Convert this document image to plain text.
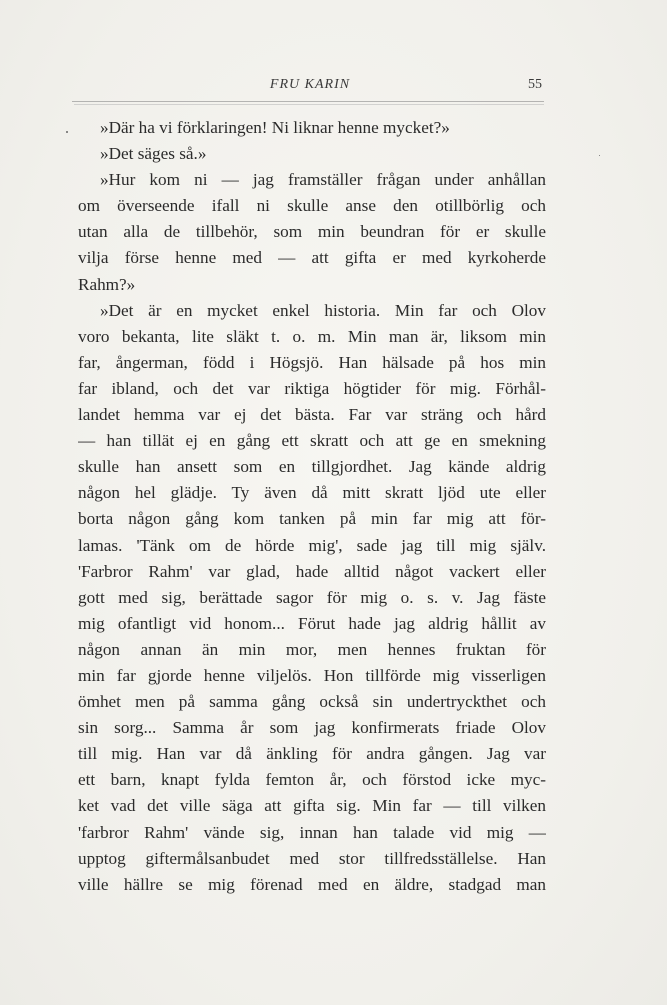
FRU KARIN	55
»Där ha vi förklaringen! Ni liknar henne mycket?»
»Det säges så.»
»Hur kom ni — jag framställer frågan under anhållan
om överseende ifall ni skulle anse den otillbörlig och
utan alla de tillbehör, som min beundran för er skulle
vilja förse henne med — att gifta er med kyrkoherde
Rahm?»
»Det är en mycket enkel historia. Min far och Olov
voro bekanta, lite släkt t. o. m. Min man är, liksom min
far, ångerman, född i Högsjö. Han hälsade på hos min
far ibland, och det var riktiga högtider för mig. Förhål-
landet hemma var ej det bästa. Far var sträng och hård
— han tillät ej en gång ett skratt och att ge en smekning
skulle han ansett som en tillgjordhet. Jag kände aldrig
någon hel glädje. Ty även då mitt skratt ljöd ute eller
borta någon gång kom tanken på min far mig att för-
lamas. 'Tänk om de hörde mig', sade jag till mig själv.
'Farbror Rahm' var glad, hade alltid något vackert eller
gott med sig, berättade sagor för mig o. s. v. Jag fäste
mig ofantligt vid honom... Förut hade jag aldrig hållit av
någon annan än min mor, men hennes fruktan för
min far gjorde henne viljelös. Hon tillförde mig visserligen
ömhet men på samma gång också sin undertryckthet och
sin sorg... Samma år som jag konfirmerats friade Olov
till mig. Han var då änkling för andra gången. Jag var
ett barn, knapt fylda femton år, och förstod icke myc-
ket vad det ville säga att gifta sig. Min far — till vilken
'farbror Rahm' vände sig, innan han talade vid mig —
upptog giftermålsanbudet med stor tillfredsställelse. Han
ville hällre se mig förenad med en äldre, stadgad man
